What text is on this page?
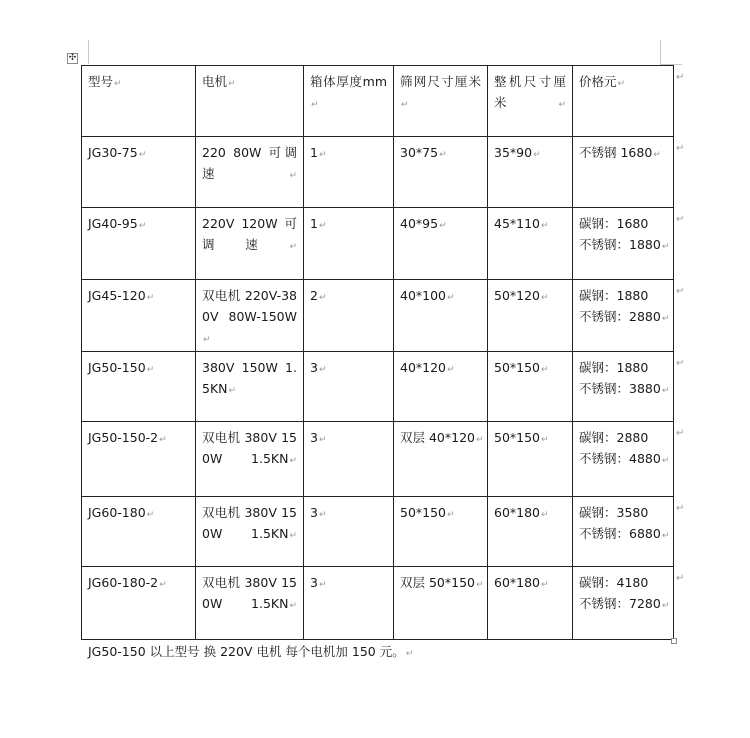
✣
型号↵	电机↵	箱体厚度mm↵	筛网尺寸厘米↵	整机尺寸厘米↵	价格元↵

JG30-75↵	220 80W 可调速↵	1↵	30*75↵	35*90↵	不锈钢 1680↵

JG40-95↵	220V 120W 可调速↵	1↵	40*95↵	45*110↵	碳钢：1680
不锈钢：1880↵

JG45-120↵	双电机 220V-380V 80W-150W↵	2↵	40*100↵	50*120↵	碳钢：1880
不锈钢：2880↵

JG50-150↵	380V 150W 1.5KN↵	3↵	40*120↵	50*150↵	碳钢：1880
不锈钢：3880↵

JG50-150-2↵	双电机 380V 150W 1.5KN↵	3↵	双层 40*120↵	50*150↵	碳钢：2880
不锈钢：4880↵

JG60-180↵	双电机 380V 150W 1.5KN↵	3↵	50*150↵	60*180↵	碳钢：3580
不锈钢：6880↵

JG60-180-2↵	双电机 380V 150W 1.5KN↵	3↵	双层 50*150↵	60*180↵	碳钢：4180
不锈钢：7280↵
↵
↵
↵
↵
↵
↵
↵
↵
JG50-150 以上型号 换 220V 电机 每个电机加 150 元。↵
